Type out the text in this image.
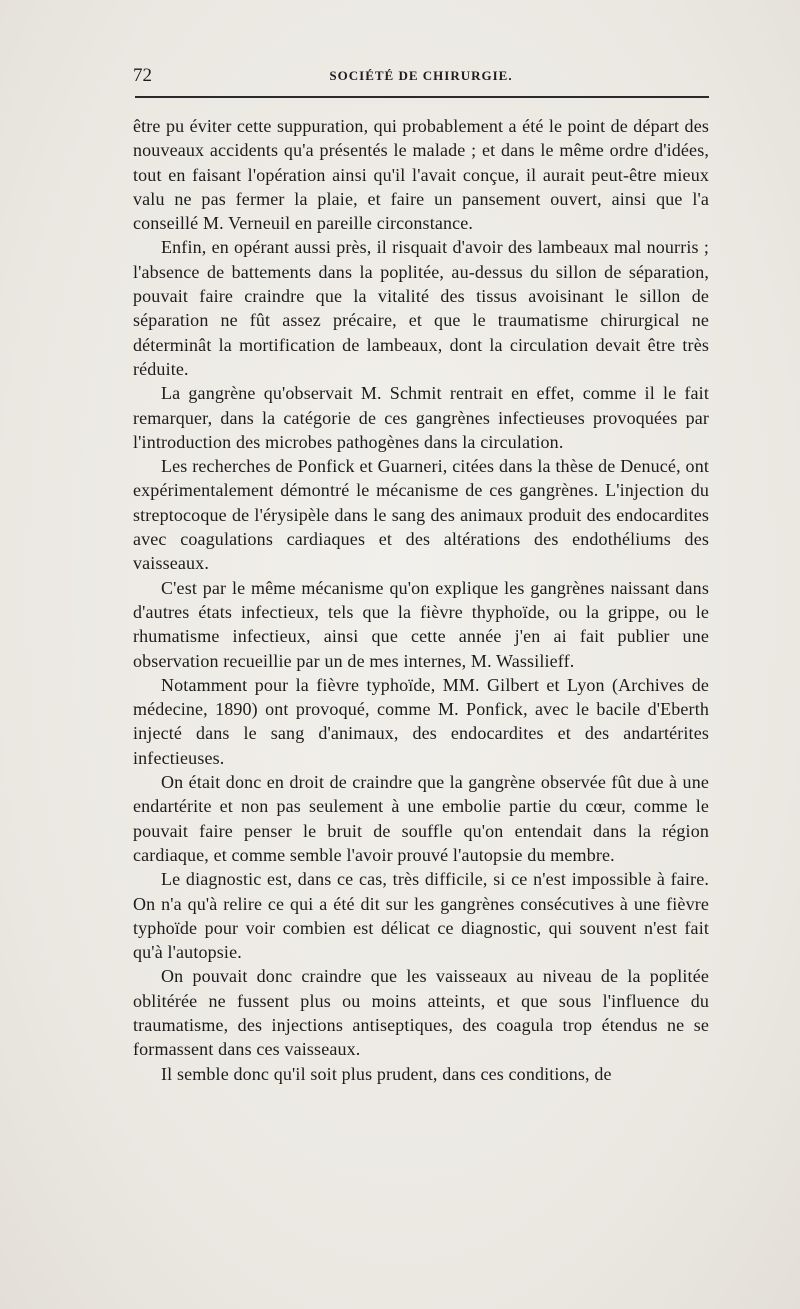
72	SOCIÉTÉ DE CHIRURGIE.

être pu éviter cette suppuration, qui probablement a été le point de départ des nouveaux accidents qu'a présentés le malade ; et dans le même ordre d'idées, tout en faisant l'opération ainsi qu'il l'avait conçue, il aurait peut-être mieux valu ne pas fermer la plaie, et faire un pansement ouvert, ainsi que l'a conseillé M. Verneuil en pareille circonstance.

Enfin, en opérant aussi près, il risquait d'avoir des lambeaux mal nourris ; l'absence de battements dans la poplitée, au-dessus du sillon de séparation, pouvait faire craindre que la vitalité des tissus avoisinant le sillon de séparation ne fût assez précaire, et que le traumatisme chirurgical ne déterminât la mortification de lambeaux, dont la circulation devait être très réduite.

La gangrène qu'observait M. Schmit rentrait en effet, comme il le fait remarquer, dans la catégorie de ces gangrènes infectieuses provoquées par l'introduction des microbes pathogènes dans la circulation.

Les recherches de Ponfick et Guarneri, citées dans la thèse de Denucé, ont expérimentalement démontré le mécanisme de ces gangrènes. L'injection du streptocoque de l'érysipèle dans le sang des animaux produit des endocardites avec coagulations cardiaques et des altérations des endothéliums des vaisseaux.

C'est par le même mécanisme qu'on explique les gangrènes naissant dans d'autres états infectieux, tels que la fièvre thyphoïde, ou la grippe, ou le rhumatisme infectieux, ainsi que cette année j'en ai fait publier une observation recueillie par un de mes internes, M. Wassilieff.

Notamment pour la fièvre typhoïde, MM. Gilbert et Lyon (Archives de médecine, 1890) ont provoqué, comme M. Ponfick, avec le bacile d'Eberth injecté dans le sang d'animaux, des endocardites et des andartérites infectieuses.

On était donc en droit de craindre que la gangrène observée fût due à une endartérite et non pas seulement à une embolie partie du cœur, comme le pouvait faire penser le bruit de souffle qu'on entendait dans la région cardiaque, et comme semble l'avoir prouvé l'autopsie du membre.

Le diagnostic est, dans ce cas, très difficile, si ce n'est impossible à faire. On n'a qu'à relire ce qui a été dit sur les gangrènes consécutives à une fièvre typhoïde pour voir combien est délicat ce diagnostic, qui souvent n'est fait qu'à l'autopsie.

On pouvait donc craindre que les vaisseaux au niveau de la poplitée oblitérée ne fussent plus ou moins atteints, et que sous l'influence du traumatisme, des injections antiseptiques, des coagula trop étendus ne se formassent dans ces vaisseaux.

Il semble donc qu'il soit plus prudent, dans ces conditions, de
